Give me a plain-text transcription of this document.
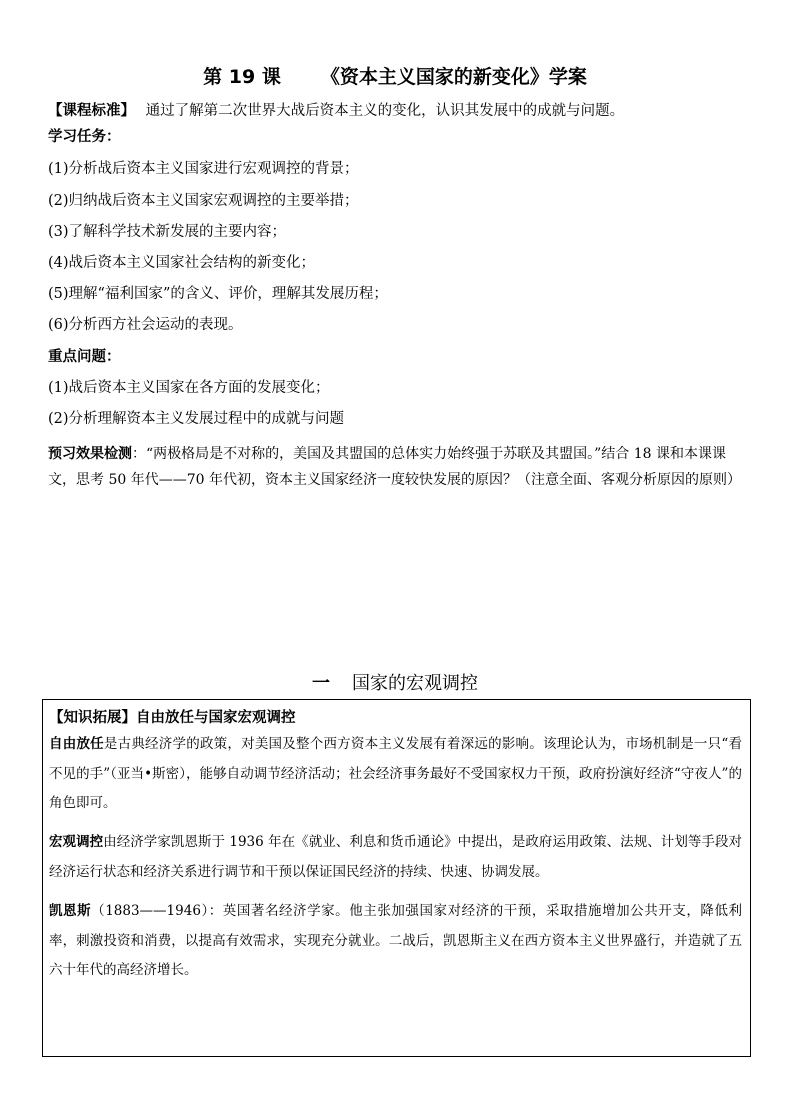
第 19 课 《资本主义国家的新变化》学案
【课程标准】 通过了解第二次世界大战后资本主义的变化，认识其发展中的成就与问题。
学习任务：
(1)分析战后资本主义国家进行宏观调控的背景；
(2)归纳战后资本主义国家宏观调控的主要举措；
(3)了解科学技术新发展的主要内容；
(4)战后资本主义国家社会结构的新变化；
(5)理解“福利国家”的含义、评价，理解其发展历程；
(6)分析西方社会运动的表现。
重点问题：
(1)战后资本主义国家在各方面的发展变化；
(2)分析理解资本主义发展过程中的成就与问题
预习效果检测：“两极格局是不对称的，美国及其盟国的总体实力始终强于苏联及其盟国。”结合 18 课和本课课文，思考 50 年代——70 年代初，资本主义国家经济一度较快发展的原因？（注意全面、客观分析原因的原则）
一 国家的宏观调控
【知识拓展】自由放任与国家宏观调控
自由放任是古典经济学的政策，对美国及整个西方资本主义发展有着深远的影响。该理论认为，市场机制是一只“看不见的手”（亚当•斯密），能够自动调节经济活动；社会经济事务最好不受国家权力干预，政府扮演好经济“守夜人”的角色即可。
宏观调控由经济学家凯恩斯于 1936 年在《就业、利息和货币通论》中提出，是政府运用政策、法规、计划等手段对经济运行状态和经济关系进行调节和干预以保证国民经济的持续、快速、协调发展。
凯恩斯（1883——1946）：英国著名经济学家。他主张加强国家对经济的干预，采取措施增加公共开支，降低利率，刺激投资和消费，以提高有效需求，实现充分就业。二战后，凯恩斯主义在西方资本主义世界盛行，并造就了五六十年代的高经济增长。
